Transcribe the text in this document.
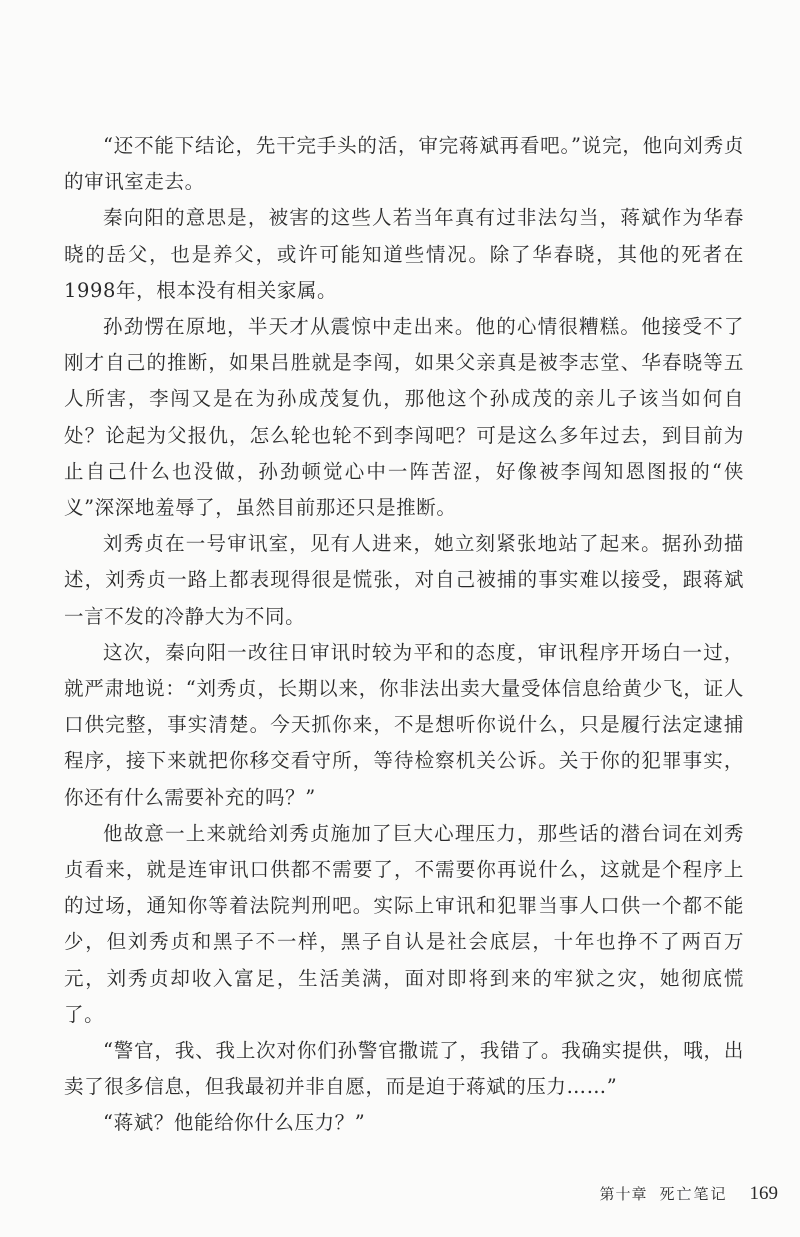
“还不能下结论，先干完手头的活，审完蒋斌再看吧。”说完，他向刘秀贞的审讯室走去。

秦向阳的意思是，被害的这些人若当年真有过非法勾当，蒋斌作为华春晓的岳父，也是养父，或许可能知道些情况。除了华春晓，其他的死者在1998年，根本没有相关家属。

孙劲愣在原地，半天才从震惊中走出来。他的心情很糟糕。他接受不了刚才自己的推断，如果吕胜就是李闯，如果父亲真是被李志堂、华春晓等五人所害，李闯又是在为孙成茂复仇，那他这个孙成茂的亲儿子该当如何自处？论起为父报仇，怎么轮也轮不到李闯吧？可是这么多年过去，到目前为止自己什么也没做，孙劲顿觉心中一阵苦涩，好像被李闯知恩图报的“侠义”深深地羞辱了，虽然目前那还只是推断。

刘秀贞在一号审讯室，见有人进来，她立刻紧张地站了起来。据孙劲描述，刘秀贞一路上都表现得很是慌张，对自己被捕的事实难以接受，跟蒋斌一言不发的冷静大为不同。

这次，秦向阳一改往日审讯时较为平和的态度，审讯程序开场白一过，就严肃地说：“刘秀贞，长期以来，你非法出卖大量受体信息给黄少飞，证人口供完整，事实清楚。今天抓你来，不是想听你说什么，只是履行法定逮捕程序，接下来就把你移交看守所，等待检察机关公诉。关于你的犯罪事实，你还有什么需要补充的吗？”

他故意一上来就给刘秀贞施加了巨大心理压力，那些话的潜台词在刘秀贞看来，就是连审讯口供都不需要了，不需要你再说什么，这就是个程序上的过场，通知你等着法院判刑吧。实际上审讯和犯罪当事人口供一个都不能少，但刘秀贞和黑子不一样，黑子自认是社会底层，十年也挣不了两百万元，刘秀贞却收入富足，生活美满，面对即将到来的牢狱之灾，她彻底慌了。

“警官，我、我上次对你们孙警官撒谎了，我错了。我确实提供，哦，出卖了很多信息，但我最初并非自愿，而是迫于蒋斌的压力……”

“蒋斌？他能给你什么压力？”

第十章 死亡笔记 169
